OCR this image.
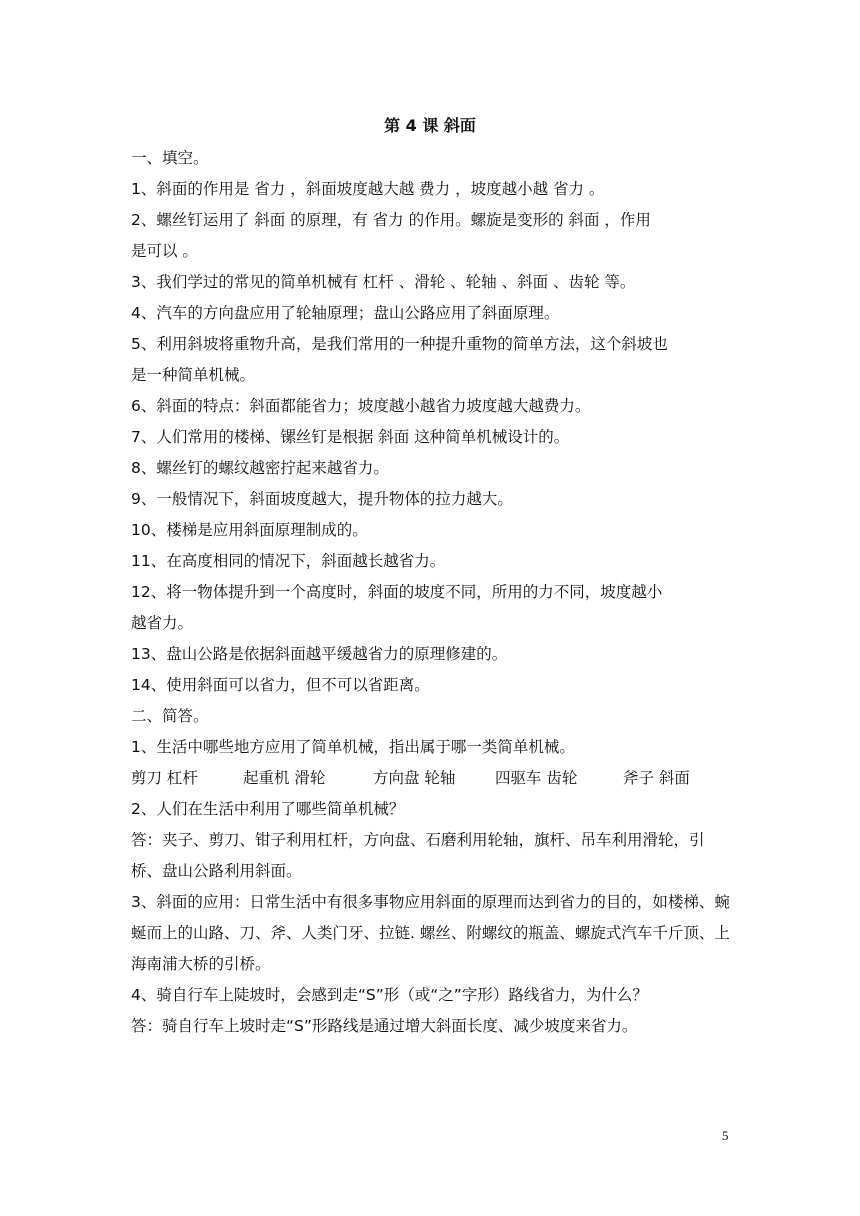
第 4 课 斜面
一、填空。
1、斜面的作用是 省力 ，斜面坡度越大越 费力 ，坡度越小越 省力 。
2、螺丝钉运用了 斜面 的原理，有 省力 的作用。螺旋是变形的 斜面 ，作用
是可以 。
3、我们学过的常见的简单机械有 杠杆 、滑轮 、轮轴 、斜面 、齿轮 等。
4、汽车的方向盘应用了轮轴原理；盘山公路应用了斜面原理。
5、利用斜坡将重物升高，是我们常用的一种提升重物的简单方法，这个斜坡也
是一种简单机械。
6、斜面的特点：斜面都能省力；坡度越小越省力坡度越大越费力。
7、人们常用的楼梯、镙丝钉是根据 斜面 这种简单机械设计的。
8、螺丝钉的螺纹越密拧起来越省力。
9、一般情况下，斜面坡度越大，提升物体的拉力越大。
10、楼梯是应用斜面原理制成的。
11、在高度相同的情况下，斜面越长越省力。
12、将一物体提升到一个高度时，斜面的坡度不同，所用的力不同，坡度越小
越省力。
13、盘山公路是依据斜面越平缓越省力的原理修建的。
14、使用斜面可以省力，但不可以省距离。
二、简答。
1、生活中哪些地方应用了简单机械，指出属于哪一类简单机械。
剪刀 杠杆	起重机 滑轮	方向盘 轮轴	四驱车 齿轮	斧子 斜面
2、人们在生活中利用了哪些简单机械？
答：夹子、剪刀、钳子利用杠杆，方向盘、石磨利用轮轴，旗杆、吊车利用滑轮，引桥、盘山公路利用斜面。
3、斜面的应用：日常生活中有很多事物应用斜面的原理而达到省力的目的，如楼梯、蜿蜒而上的山路、刀、斧、人类门牙、拉链. 螺丝、附螺纹的瓶盖、螺旋式汽车千斤顶、上海南浦大桥的引桥。
4、骑自行车上陡坡时，会感到走“S”形（或“之”字形）路线省力，为什么？
答：骑自行车上坡时走“S”形路线是通过增大斜面长度、减少坡度来省力。
5
